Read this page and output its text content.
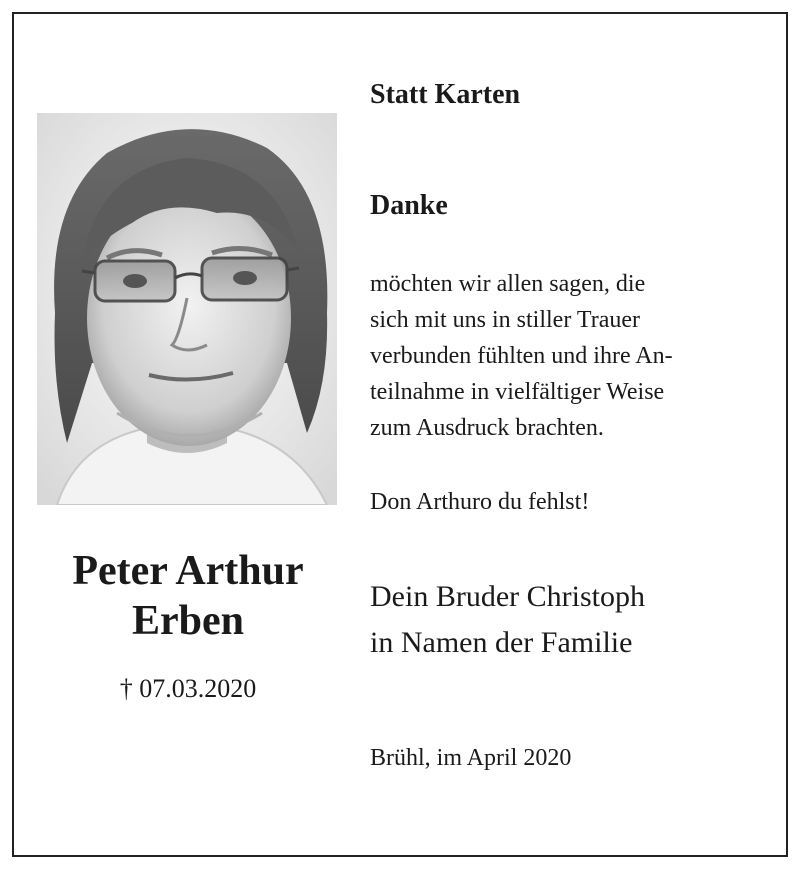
Peter Arthur
Erben
† 07.03.2020
Statt Karten
Danke
möchten wir allen sagen, die
sich mit uns in stiller Trauer
verbunden fühlten und ihre An-
teilnahme in vielfältiger Weise
zum Ausdruck brachten.
Don Arthuro du fehlst!
Dein Bruder Christoph
in Namen der Familie
Brühl, im April 2020
